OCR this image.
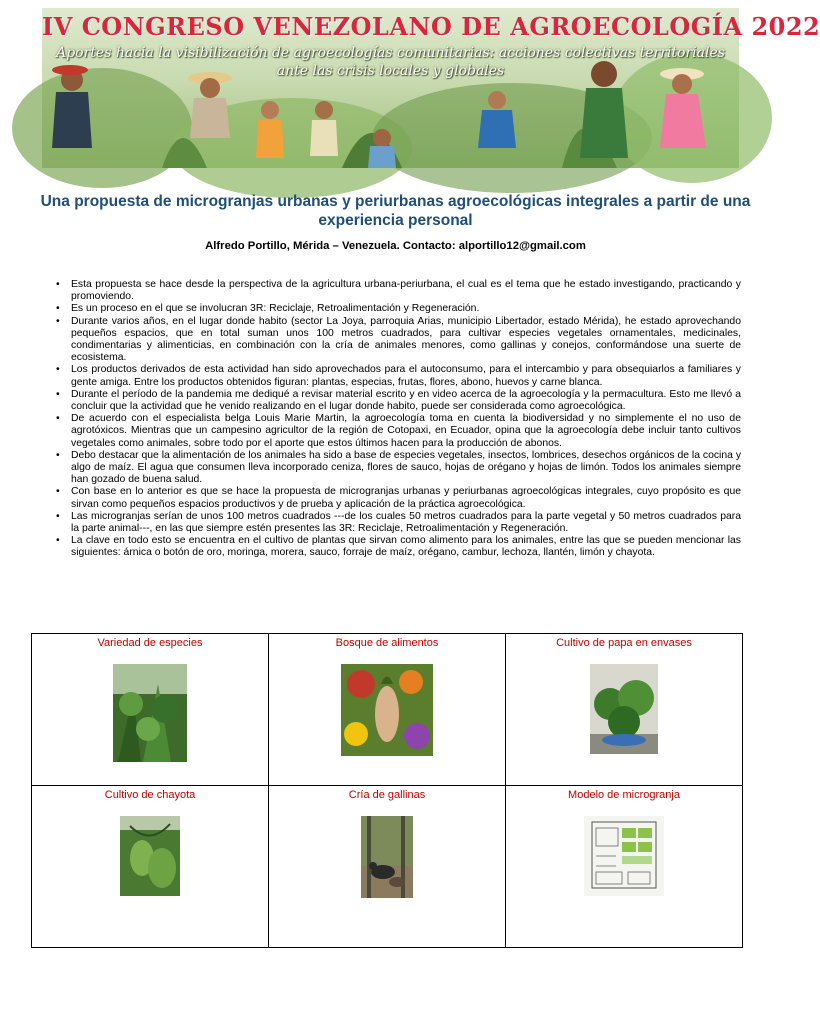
IV CONGRESO VENEZOLANO DE AGROECOLOGÍA 2022
Aportes hacia la visibilización de agroecologías comunitarias: acciones colectivas territoriales ante las crisis locales y globales
Una propuesta de microgranjas urbanas y periurbanas agroecológicas integrales a partir de una experiencia personal
Alfredo Portillo, Mérida – Venezuela. Contacto: alportillo12@gmail.com
• Esta propuesta se hace desde la perspectiva de la agricultura urbana-periurbana, el cual es el tema que he estado investigando, practicando y promoviendo.
• Es un proceso en el que se involucran 3R: Reciclaje, Retroalimentación y Regeneración.
• Durante varios años, en el lugar donde habito (sector La Joya, parroquia Arias, municipio Libertador, estado Mérida), he estado aprovechando pequeños espacios, que en total suman unos 100 metros cuadrados, para cultivar especies vegetales ornamentales, medicinales, condimentarias y alimenticias, en combinación con la cría de animales menores, como gallinas y conejos, conformándose una suerte de ecosistema.
• Los productos derivados de esta actividad han sido aprovechados para el autoconsumo, para el intercambio y para obsequiarlos a familiares y gente amiga. Entre los productos obtenidos figuran: plantas, especias, frutas, flores, abono, huevos y carne blanca.
• Durante el período de la pandemia me dediqué a revisar material escrito y en video acerca de la agroecología y la permacultura. Esto me llevó a concluir que la actividad que he venido realizando en el lugar donde habito, puede ser considerada como agroecológica.
• De acuerdo con el especialista belga Louis Marie Martin, la agroecología toma en cuenta la biodiversidad y no simplemente el no uso de agrotóxicos. Mientras que un campesino agricultor de la región de Cotopaxi, en Ecuador, opina que la agroecología debe incluir tanto cultivos vegetales como animales, sobre todo por el aporte que estos últimos hacen para la producción de abonos.
• Debo destacar que la alimentación de los animales ha sido a base de especies vegetales, insectos, lombrices, desechos orgánicos de la cocina y algo de maíz. El agua que consumen lleva incorporado ceniza, flores de sauco, hojas de orégano y hojas de limón. Todos los animales siempre han gozado de buena salud.
• Con base en lo anterior es que se hace la propuesta de microgranjas urbanas y periurbanas agroecológicas integrales, cuyo propósito es que sirvan como pequeños espacios productivos y de prueba y aplicación de la práctica agroecológica.
• Las microgranjas serían de unos 100 metros cuadrados ---de los cuales 50 metros cuadrados para la parte vegetal y 50 metros cuadrados para la parte animal---, en las que siempre estén presentes las 3R: Reciclaje, Retroalimentación y Regeneración.
• La clave en todo esto se encuentra en el cultivo de plantas que sirvan como alimento para los animales, entre las que se pueden mencionar las siguientes: árnica o botón de oro, moringa, morera, sauco, forraje de maíz, orégano, cambur, lechoza, llantén, limón y chayota.
Variedad de especies	Bosque de alimentos	Cultivo de papa en envases

Cultivo de chayota	Cría de gallinas	Modelo de microgranja
